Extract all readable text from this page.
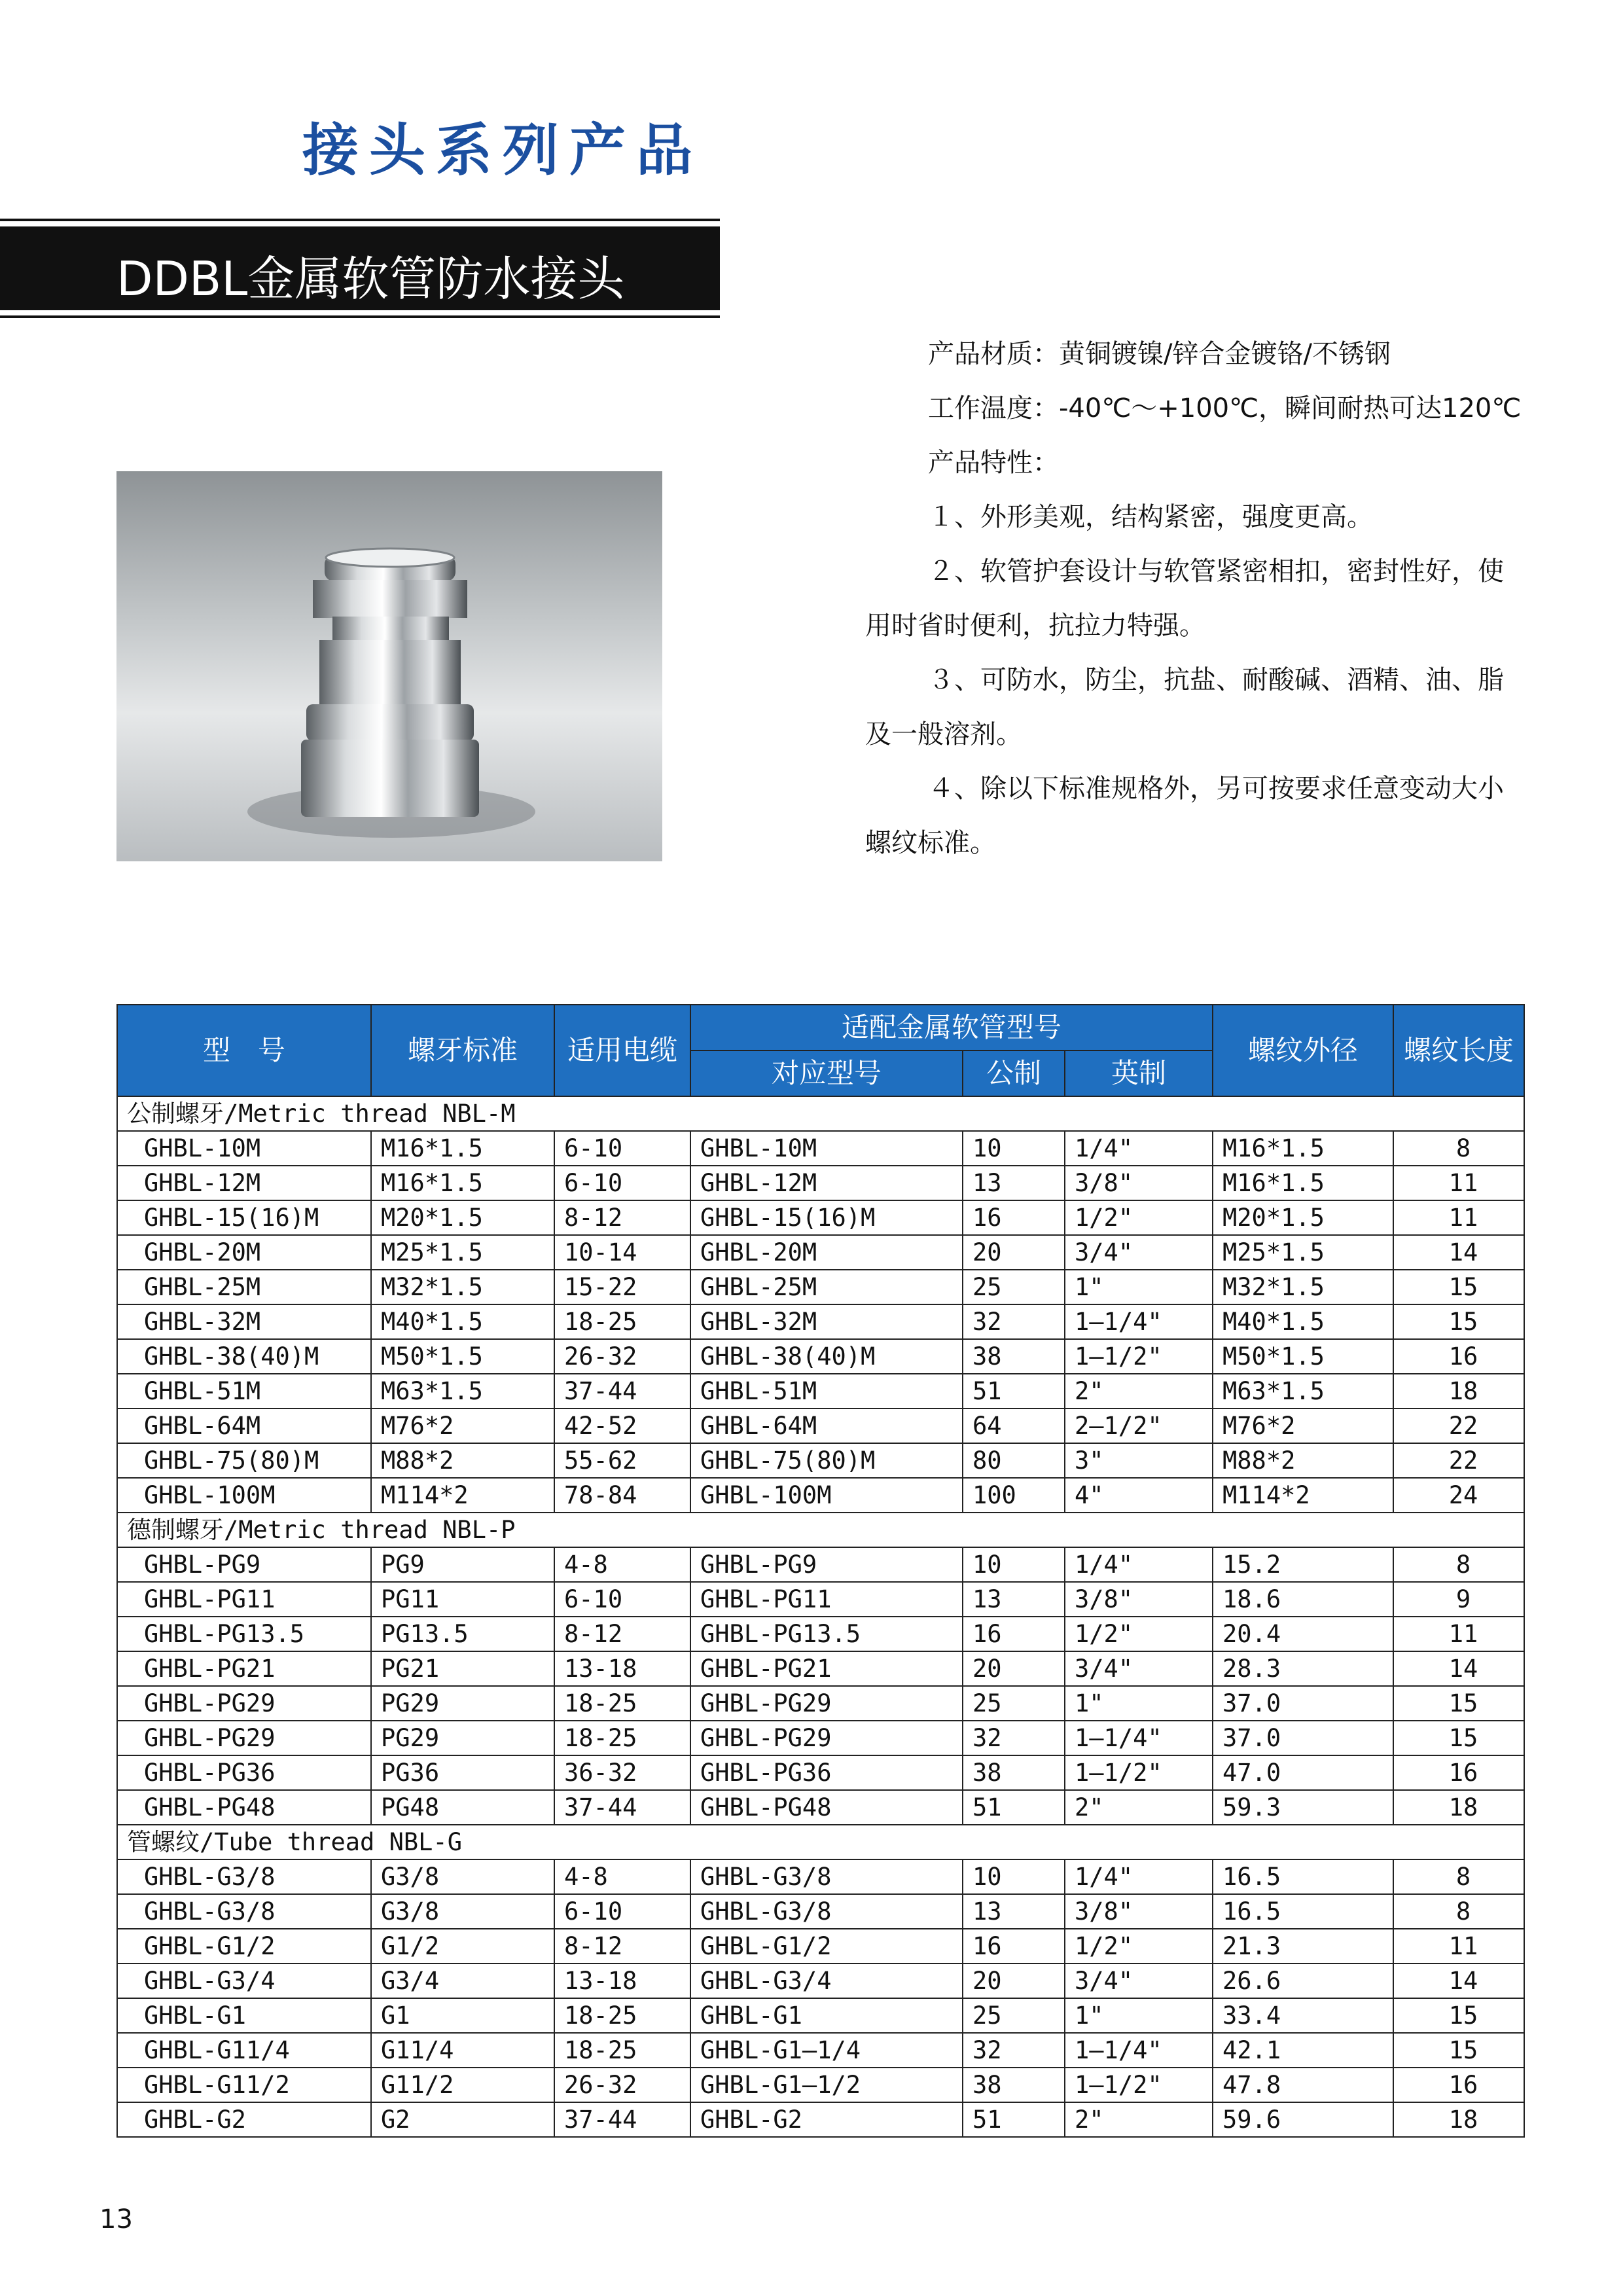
接头系列产品
DDBL金属软管防水接头

产品材质：黄铜镀镍/锌合金镀铬/不锈钢

工作温度：-40℃～+100℃，瞬间耐热可达120℃

产品特性：

１、外形美观，结构紧密，强度更高。

２、软管护套设计与软管紧密相扣，密封性好，使用时省时便利，抗拉力特强。

３、可防水，防尘，抗盐、耐酸碱、酒精、油、脂及一般溶剂。

４、除以下标准规格外，另可按要求任意变动大小螺纹标准。

型　号	螺牙标准	适用电缆	适配金属软管型号			螺纹外径	螺纹长度
			对应型号	公制	英制		
公制螺牙/Metric thread NBL-M							
GHBL-10M	M16*1.5	6-10	GHBL-10M	10	1/4"	M16*1.5	8
GHBL-12M	M16*1.5	6-10	GHBL-12M	13	3/8"	M16*1.5	11
GHBL-15(16)M	M20*1.5	8-12	GHBL-15(16)M	16	1/2"	M20*1.5	11
GHBL-20M	M25*1.5	10-14	GHBL-20M	20	3/4"	M25*1.5	14
GHBL-25M	M32*1.5	15-22	GHBL-25M	25	1"	M32*1.5	15
GHBL-32M	M40*1.5	18-25	GHBL-32M	32	1—1/4"	M40*1.5	15
GHBL-38(40)M	M50*1.5	26-32	GHBL-38(40)M	38	1—1/2"	M50*1.5	16
GHBL-51M	M63*1.5	37-44	GHBL-51M	51	2"	M63*1.5	18
GHBL-64M	M76*2	42-52	GHBL-64M	64	2—1/2"	M76*2	22
GHBL-75(80)M	M88*2	55-62	GHBL-75(80)M	80	3"	M88*2	22
GHBL-100M	M114*2	78-84	GHBL-100M	100	4"	M114*2	24
德制螺牙/Metric thread NBL-P							
GHBL-PG9	PG9	4-8	GHBL-PG9	10	1/4"	15.2	8
GHBL-PG11	PG11	6-10	GHBL-PG11	13	3/8"	18.6	9
GHBL-PG13.5	PG13.5	8-12	GHBL-PG13.5	16	1/2"	20.4	11
GHBL-PG21	PG21	13-18	GHBL-PG21	20	3/4"	28.3	14
GHBL-PG29	PG29	18-25	GHBL-PG29	25	1"	37.0	15
GHBL-PG29	PG29	18-25	GHBL-PG29	32	1—1/4"	37.0	15
GHBL-PG36	PG36	36-32	GHBL-PG36	38	1—1/2"	47.0	16
GHBL-PG48	PG48	37-44	GHBL-PG48	51	2"	59.3	18
管螺纹/Tube thread NBL-G							
GHBL-G3/8	G3/8	4-8	GHBL-G3/8	10	1/4"	16.5	8
GHBL-G3/8	G3/8	6-10	GHBL-G3/8	13	3/8"	16.5	8
GHBL-G1/2	G1/2	8-12	GHBL-G1/2	16	1/2"	21.3	11
GHBL-G3/4	G3/4	13-18	GHBL-G3/4	20	3/4"	26.6	14
GHBL-G1	G1	18-25	GHBL-G1	25	1"	33.4	15
GHBL-G11/4	G11/4	18-25	GHBL-G1—1/4	32	1—1/4"	42.1	15
GHBL-G11/2	G11/2	26-32	GHBL-G1—1/2	38	1—1/2"	47.8	16
GHBL-G2	G2	37-44	GHBL-G2	51	2"	59.6	18
13
